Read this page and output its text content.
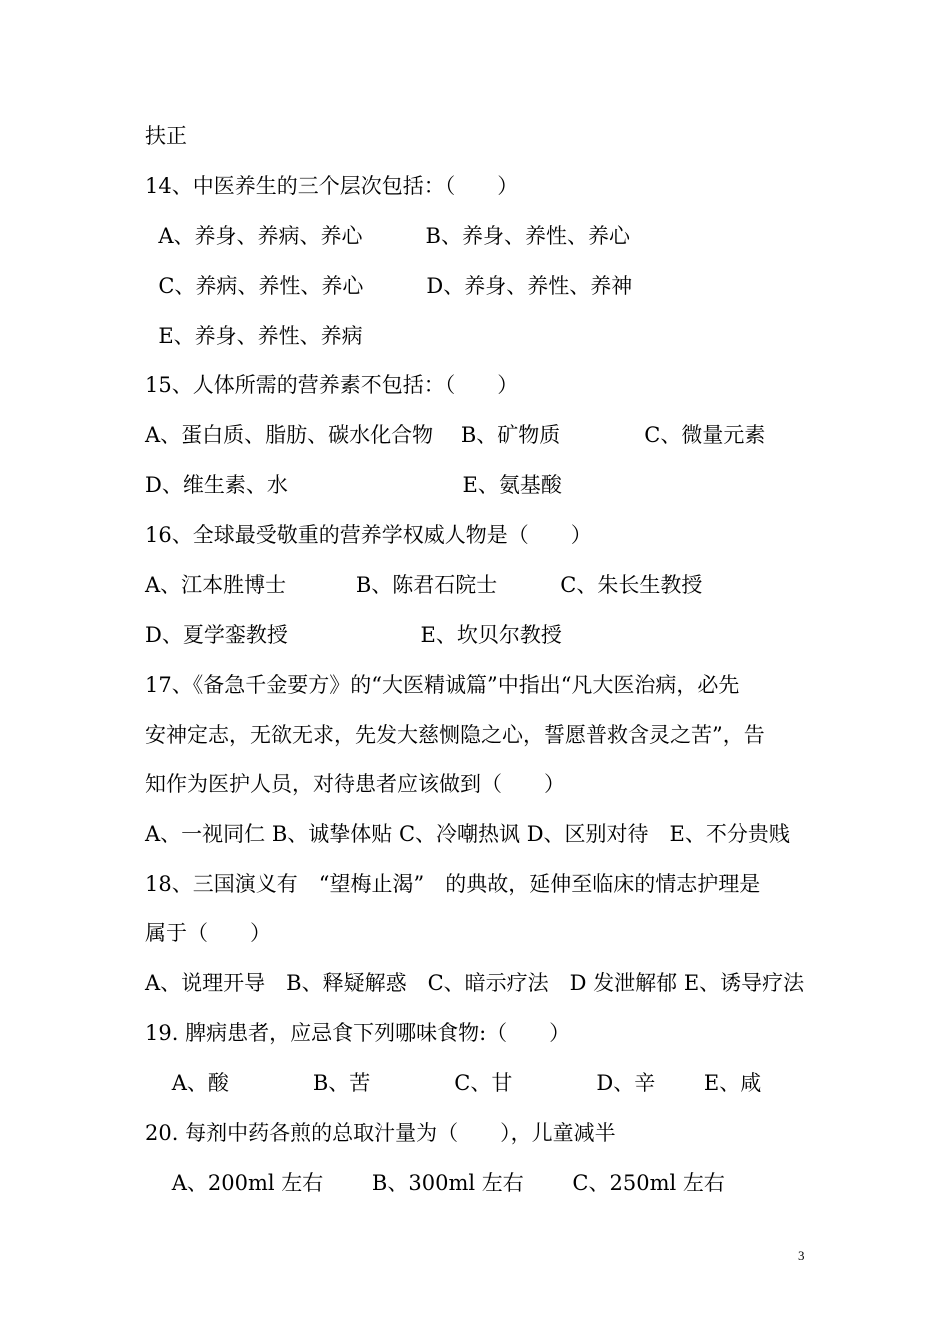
扶正

14、中医养生的三个层次包括：（　　）

A、养身、养病、养心　　　B、养身、养性、养心

C、养病、养性、养心　　　D、养身、养性、养神

E、养身、养性、养病

15、人体所需的营养素不包括：（　　）

A、蛋白质、脂肪、碳水化合物　 B、矿物质　　　　C、微量元素

D、维生素、水　　　　　　　　 E、氨基酸

16、全球最受敬重的营养学权威人物是（　　）

A、江本胜博士　　　 B、陈君石院士　　　C、朱长生教授

D、夏学銮教授　　　　　　 E、坎贝尔教授

17、《备急千金要方》的“大医精诚篇”中指出“凡大医治病，必先

安神定志，无欲无求，先发大慈恻隐之心，誓愿普救含灵之苦”，告

知作为医护人员，对待患者应该做到（　　）

A、一视同仁 B、诚挚体贴 C、冷嘲热讽 D、区别对待　E、不分贵贱

18、三国演义有　“望梅止渴”　的典故，延伸至临床的情志护理是

属于（　　）

A、说理开导　B、释疑解惑　C、暗示疗法　D 发泄解郁 E、诱导疗法

19. 脾病患者，应忌食下列哪味食物:（　　）

A、酸　　　　B、苦　　　　C、甘　　　　D、辛　　 E、咸

20. 每剂中药各煎的总取汁量为（　　），儿童减半

A、200ml 左右　　 B、300ml 左右　　 C、250ml 左右

3
